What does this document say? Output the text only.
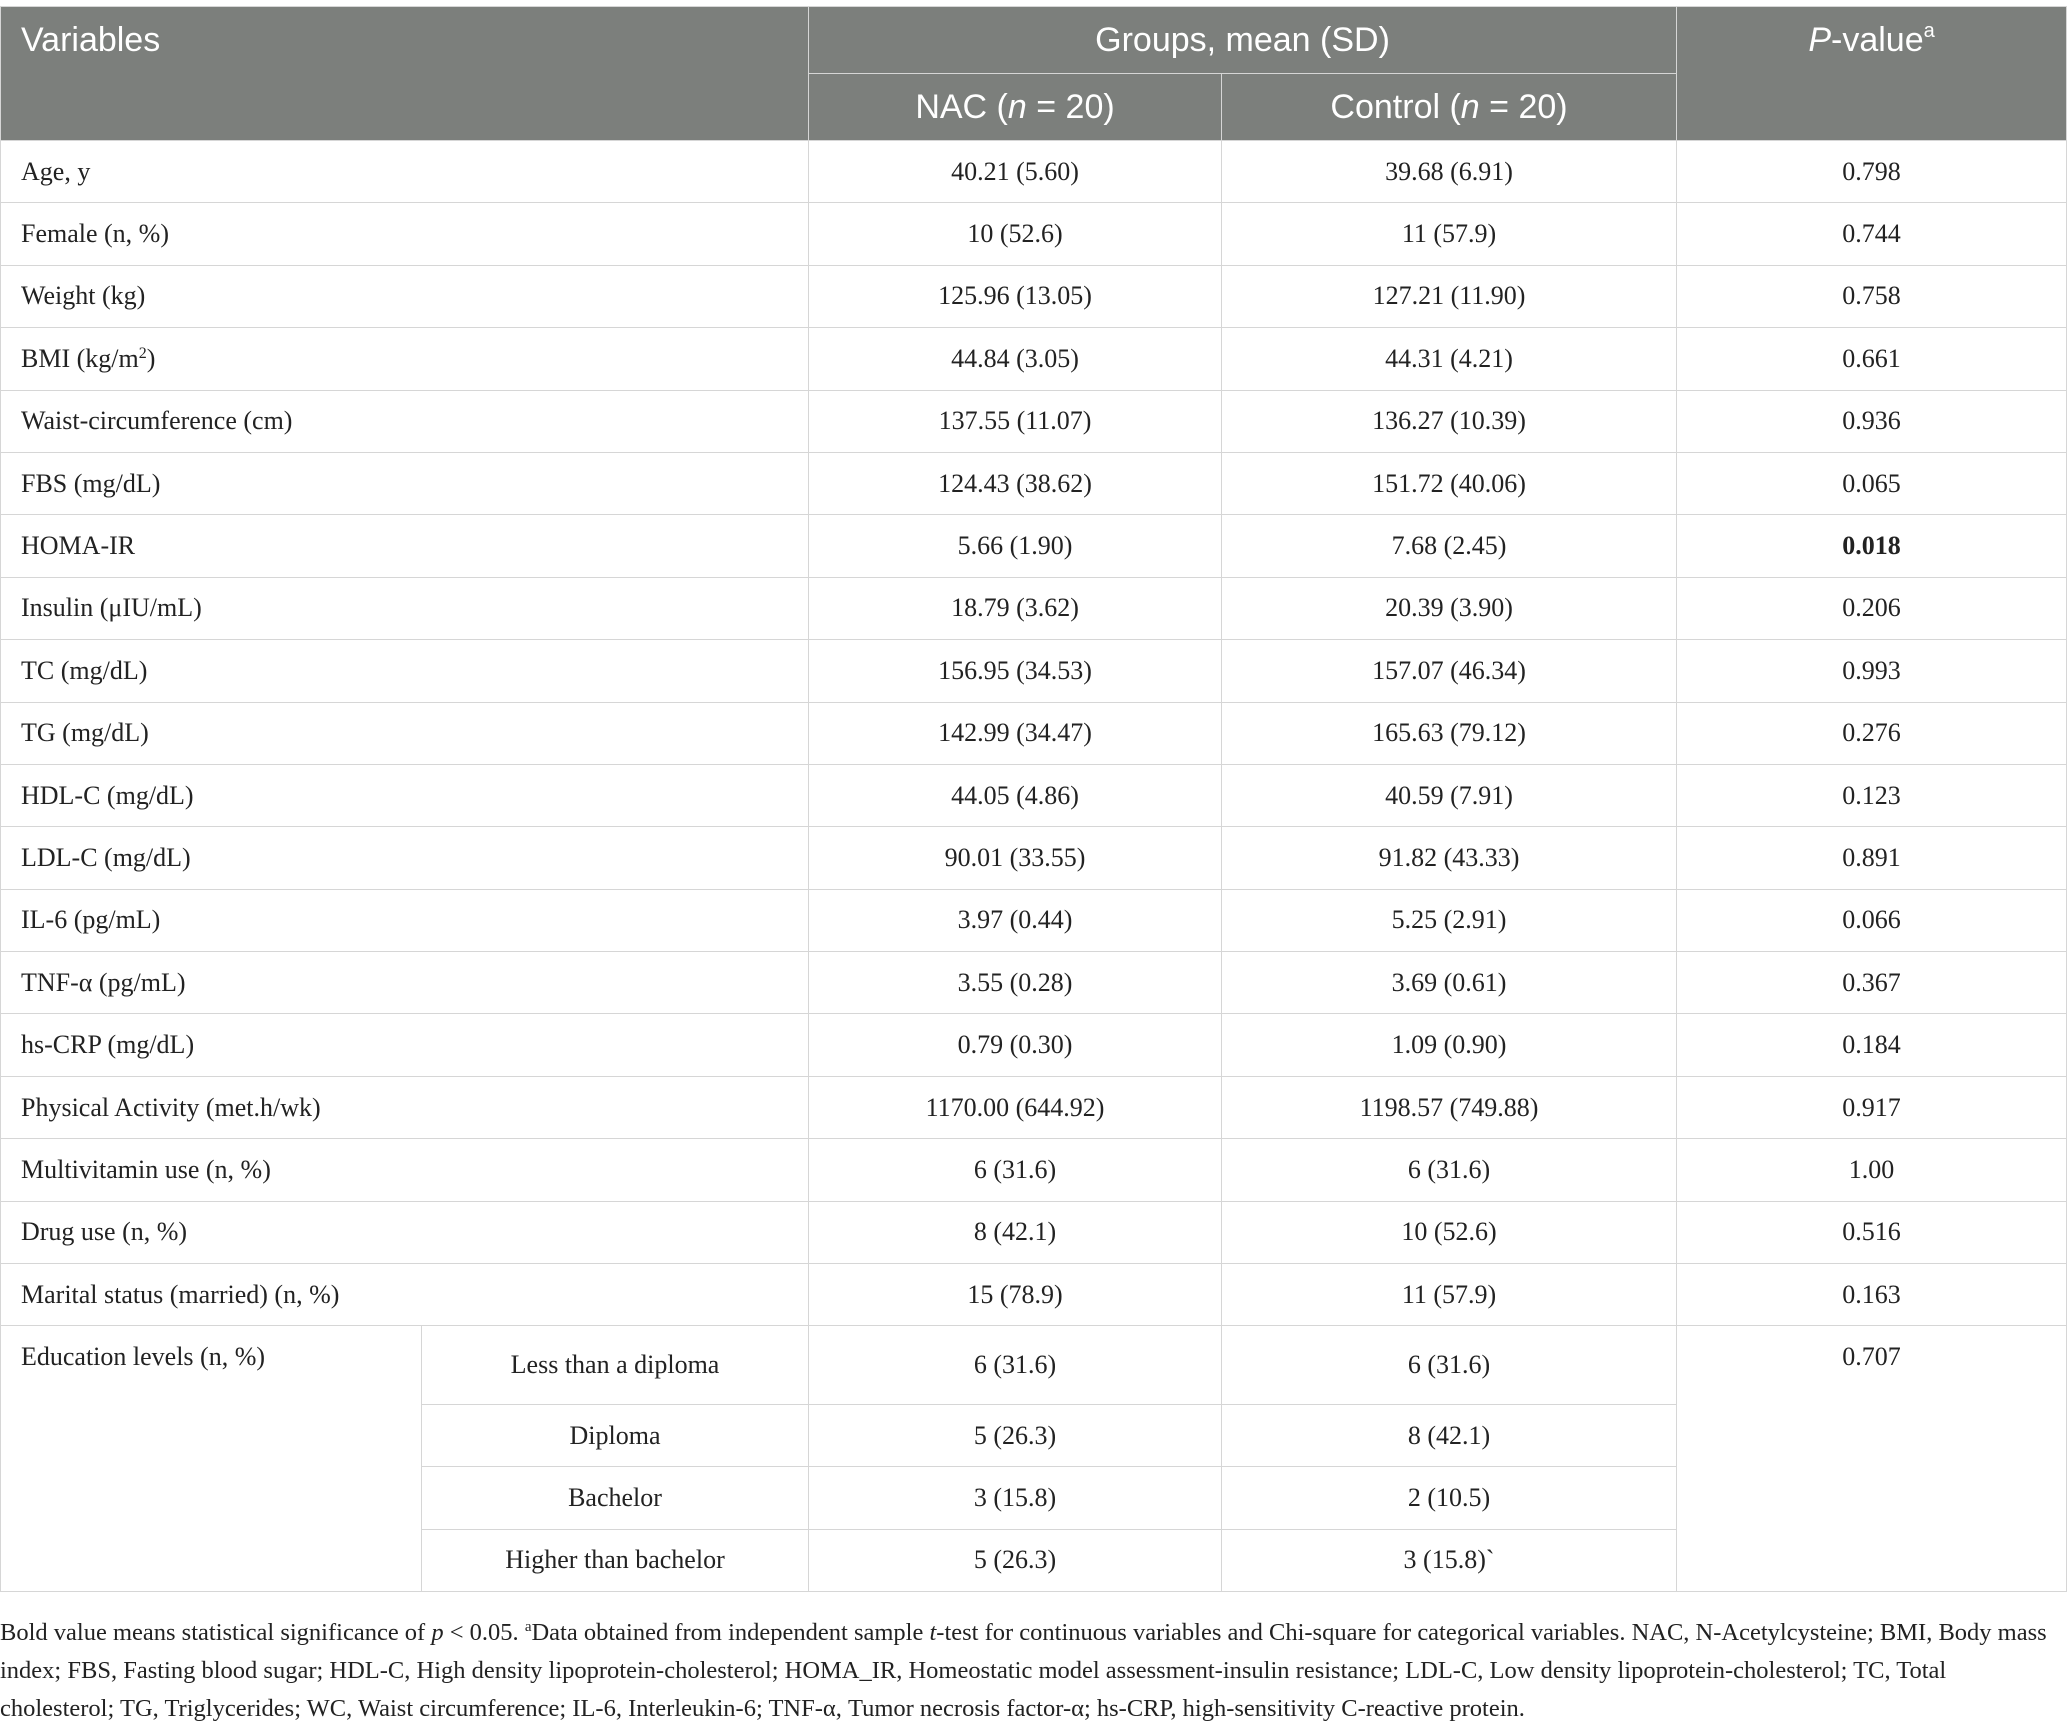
Variables		Groups, mean (SD)		P-value$^a$
		NAC (n = 20)	Control (n = 20)	
Age, y		40.21 (5.60)	39.68 (6.91)	0.798
Female (n, %)		10 (52.6)	11 (57.9)	0.744
Weight (kg)		125.96 (13.05)	127.21 (11.90)	0.758
BMI $(kg/m^2)$		44.84 (3.05)	44.31 (4.21)	0.661
Waist-circumference (cm)		137.55 (11.07)	136.27 (10.39)	0.936
FBS (mg/dL)		124.43 (38.62)	151.72 (40.06)	0.065
HOMA-IR		5.66 (1.90)	7.68 (2.45)	0.018
Insulin (μIU/mL)		18.79 (3.62)	20.39 (3.90)	0.206
TC (mg/dL)		156.95 (34.53)	157.07 (46.34)	0.993
TG (mg/dL)		142.99 (34.47)	165.63 (79.12)	0.276
HDL-C (mg/dL)		44.05 (4.86)	40.59 (7.91)	0.123
LDL-C (mg/dL)		90.01 (33.55)	91.82 (43.33)	0.891
IL-6 (pg/mL)		3.97 (0.44)	5.25 (2.91)	0.066
TNF-α (pg/mL)		3.55 (0.28)	3.69 (0.61)	0.367
hs-CRP (mg/dL)		0.79 (0.30)	1.09 (0.90)	0.184
Physical Activity (met.h/wk)		1170.00 (644.92)	1198.57 (749.88)	0.917
Multivitamin use (n, %)		6 (31.6)	6 (31.6)	1.00
Drug use (n, %)		8 (42.1)	10 (52.6)	0.516
Marital status (married) (n, %)		15 (78.9)	11 (57.9)	0.163
Education levels (n, %)	Less than a diploma	6 (31.6)	6 (31.6)	0.707
	Diploma	5 (26.3)	8 (42.1)	
	Bachelor	3 (15.8)	2 (10.5)	
	Higher than bachelor	5 (26.3)	3 (15.8)`	
Bold value means statistical significance of p < 0.05. $^a$Data obtained from independent sample t-test for continuous variables and Chi-square for categorical variables. NAC, N-Acetylcysteine; BMI, Body mass index; FBS, Fasting blood sugar; HDL-C, High density lipoprotein-cholesterol; HOMA_IR, Homeostatic model assessment-insulin resistance; LDL-C, Low density lipoprotein-cholesterol; TC, Total cholesterol; TG, Triglycerides; WC, Waist circumference; IL-6, Interleukin-6; TNF-α, Tumor necrosis factor-α; hs-CRP, high-sensitivity C-reactive protein.
